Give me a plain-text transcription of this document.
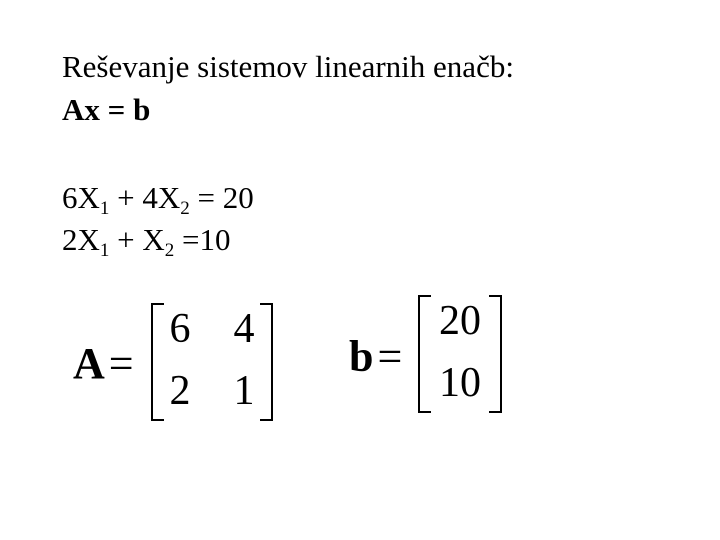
Reševanje sistemov linearnih enačb:
Ax = b
$6X_1 + 4X_2 = 20$
$2X_1 + X_2 =10$
A=
6 4
2 1
b=
20
10
